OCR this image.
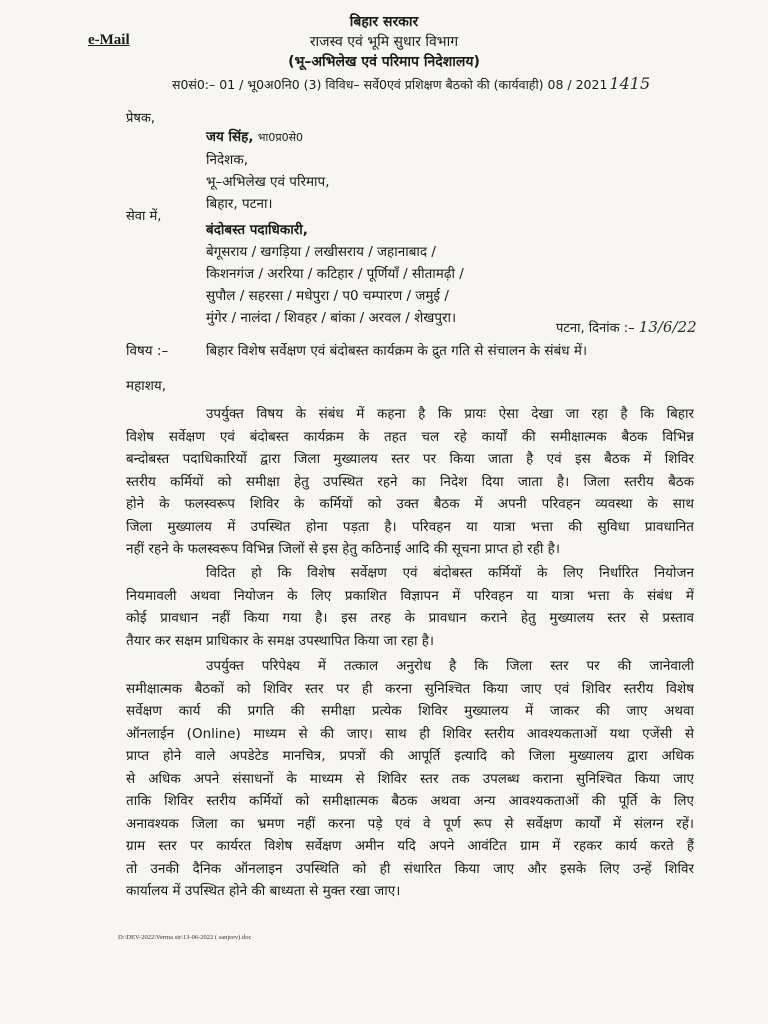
e-Mail
बिहार सरकार
राजस्व एवं भूमि सुधार विभाग
(भू–अभिलेख एवं परिमाप निदेशालय)
स0सं0:– 01 / भू0अ0नि0 (3) विविध– सर्वे0एवं प्रशिक्षण बैठको की (कार्यवाही) 08 / 2021 1415
प्रेषक,
जय सिंह, भा0प्र0से0
निदेशक,
भू–अभिलेख एवं परिमाप,
बिहार, पटना।
सेवा में,
बंदोबस्त पदाधिकारी,
बेगूसराय / खगड़िया / लखीसराय / जहानाबाद /
किशनगंज / अररिया / कटिहार / पूर्णियाँ / सीतामढ़ी /
सुपौल / सहरसा / मधेपुरा / प0 चम्पारण / जमुई /
मुंगेर / नालंदा / शिवहर / बांका / अरवल / शेखपुरा।
पटना, दिनांक :– 13/6/22
विषय :–	बिहार विशेष सर्वेक्षण एवं बंदोबस्त कार्यक्रम के द्रुत गति से संचालन के संबंध में।
महाशय,
उपर्युक्त विषय के संबंध में कहना है कि प्रायः ऐसा देखा जा रहा है कि बिहार
विशेष सर्वेक्षण एवं बंदोबस्त कार्यक्रम के तहत चल रहे कार्यों की समीक्षात्मक बैठक विभिन्न
बन्दोबस्त पदाधिकारियों द्वारा जिला मुख्यालय स्तर पर किया जाता है एवं इस बैठक में शिविर
स्तरीय कर्मियों को समीक्षा हेतु उपस्थित रहने का निदेश दिया जाता है। जिला स्तरीय बैठक
होने के फलस्वरूप शिविर के कर्मियों को उक्त बैठक में अपनी परिवहन व्यवस्था के साथ
जिला मुख्यालय में उपस्थित होना पड़ता है। परिवहन या यात्रा भत्ता की सुविधा प्रावधानित
नहीं रहने के फलस्वरूप विभिन्न जिलों से इस हेतु कठिनाई आदि की सूचना प्राप्त हो रही है।
विदित हो कि विशेष सर्वेक्षण एवं बंदोबस्त कर्मियों के लिए निर्धारित नियोजन
नियमावली अथवा नियोजन के लिए प्रकाशित विज्ञापन में परिवहन या यात्रा भत्ता के संबंध में
कोई प्रावधान नहीं किया गया है। इस तरह के प्रावधान कराने हेतु मुख्यालय स्तर से प्रस्ताव
तैयार कर सक्षम प्राधिकार के समक्ष उपस्थापित किया जा रहा है।
उपर्युक्त परिपेक्ष्य में तत्काल अनुरोध है कि जिला स्तर पर की जानेवाली
समीक्षात्मक बैठकों को शिविर स्तर पर ही करना सुनिश्चित किया जाए एवं शिविर स्तरीय विशेष
सर्वेक्षण कार्य की प्रगति की समीक्षा प्रत्येक शिविर मुख्यालय में जाकर की जाए अथवा
ऑनलाईन (Online) माध्यम से की जाए। साथ ही शिविर स्तरीय आवश्यकताओं यथा एजेंसी से
प्राप्त होने वाले अपडेटेड मानचित्र, प्रपत्रों की आपूर्ति इत्यादि को जिला मुख्यालय द्वारा अधिक
से अधिक अपने संसाधनों के माध्यम से शिविर स्तर तक उपलब्ध कराना सुनिश्चित किया जाए
ताकि शिविर स्तरीय कर्मियों को समीक्षात्मक बैठक अथवा अन्य आवश्यकताओं की पूर्ति के लिए
अनावश्यक जिला का भ्रमण नहीं करना पड़े एवं वे पूर्ण रूप से सर्वेक्षण कार्यों में संलग्न रहें।
ग्राम स्तर पर कार्यरत विशेष सर्वेक्षण अमीन यदि अपने आवंटित ग्राम में रहकर कार्य करते हैं
तो उनकी दैनिक ऑनलाइन उपस्थिति को ही संधारित किया जाए और इसके लिए उन्हें शिविर
कार्यालय में उपस्थित होने की बाध्यता से मुक्त रखा जाए।
D:\DEV-2022\Verma sir\13-06-2022 ( sanjeev).doc
